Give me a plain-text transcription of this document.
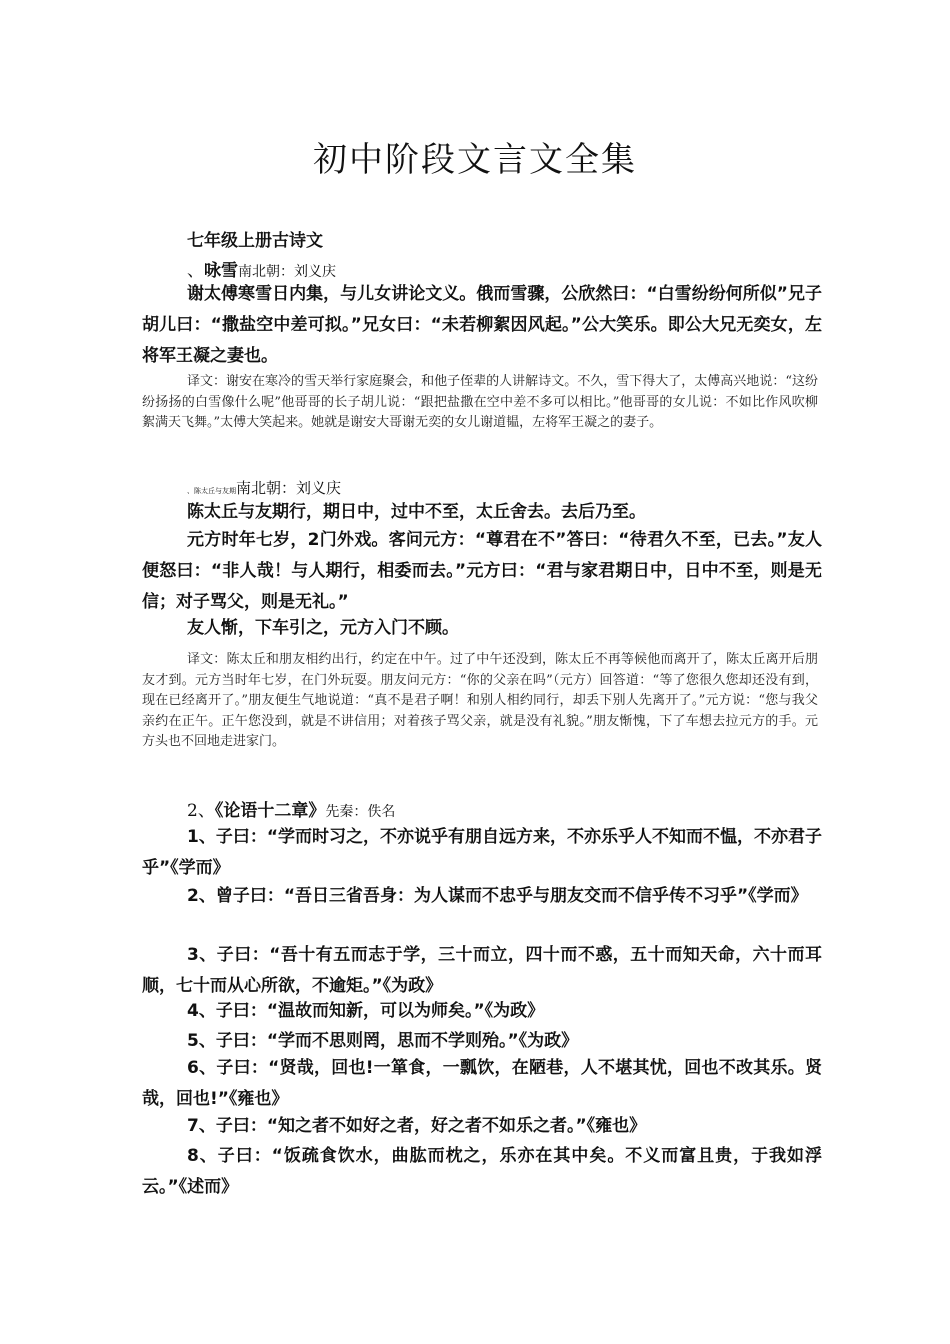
初中阶段文言文全集
七年级上册古诗文
、咏雪南北朝：刘义庆

谢太傅寒雪日内集，与儿女讲论文义。俄而雪骤，公欣然曰：“白雪纷纷何所似”兄子胡儿曰：“撒盐空中差可拟。”兄女曰：“未若柳絮因风起。”公大笑乐。即公大兄无奕女，左将军王凝之妻也。

译文：谢安在寒冷的雪天举行家庭聚会，和他子侄辈的人讲解诗文。不久，雪下得大了，太傅高兴地说：“这纷纷扬扬的白雪像什么呢”他哥哥的长子胡儿说：“跟把盐撒在空中差不多可以相比。”他哥哥的女儿说：不如比作风吹柳絮满天飞舞。”太傅大笑起来。她就是谢安大哥谢无奕的女儿谢道韫，左将军王凝之的妻子。

、陈太丘与友期南北朝：刘义庆

陈太丘与友期行，期日中，过中不至，太丘舍去。去后乃至。

元方时年七岁，2门外戏。客问元方：“尊君在不”答曰：“待君久不至，已去。”友人便怒曰：“非人哉！与人期行，相委而去。”元方曰：“君与家君期日中，日中不至，则是无信；对子骂父，则是无礼。”

友人惭，下车引之，元方入门不顾。

译文：陈太丘和朋友相约出行，约定在中午。过了中午还没到，陈太丘不再等候他而离开了，陈太丘离开后朋友才到。元方当时年七岁，在门外玩耍。朋友问元方：“你的父亲在吗”（元方）回答道：“等了您很久您却还没有到，现在已经离开了。”朋友便生气地说道：“真不是君子啊！和别人相约同行，却丢下别人先离开了。”元方说：“您与我父亲约在正午。正午您没到，就是不讲信用；对着孩子骂父亲，就是没有礼貌。”朋友惭愧，下了车想去拉元方的手。元方头也不回地走进家门。

2、《论语十二章》先秦：佚名

1、子曰：“学而时习之，不亦说乎有朋自远方来，不亦乐乎人不知而不愠，不亦君子乎”《学而》

2、曾子曰：“吾日三省吾身：为人谋而不忠乎与朋友交而不信乎传不习乎”《学而》

3、子曰：“吾十有五而志于学，三十而立，四十而不惑，五十而知天命，六十而耳顺，七十而从心所欲，不逾矩。”《为政》

4、子曰：“温故而知新，可以为师矣。”《为政》

5、子曰：“学而不思则罔，思而不学则殆。”《为政》

6、子曰：“贤哉，回也!一箪食，一瓢饮，在陋巷，人不堪其忧，回也不改其乐。贤哉，回也!”《雍也》

7、子曰：“知之者不如好之者，好之者不如乐之者。”《雍也》

8、子曰：“饭疏食饮水，曲肱而枕之，乐亦在其中矣。不义而富且贵，于我如浮云。”《述而》
